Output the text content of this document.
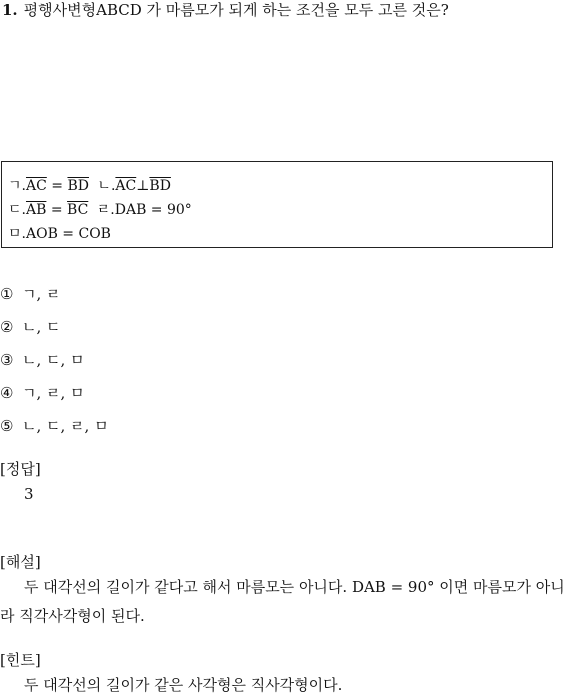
1. 평행사변형ABCD 가 마름모가 되게 하는 조건을 모두 고른 것은?
ㄱ$.\overline{AC} = \overline{BD}$ ㄴ$.\overline{AC}\perp\overline{BD}$
ㄷ$.\overline{AB} = \overline{BC}$ ㄹ.DAB = 90°
ㅁ.AOB = COB
① ㄱ, ㄹ
② ㄴ, ㄷ
③ ㄴ, ㄷ, ㅁ
④ ㄱ, ㄹ, ㅁ
⑤ ㄴ, ㄷ, ㄹ, ㅁ
[정답]
3
[해설]
두 대각선의 길이가 같다고 해서 마름모는 아니다. DAB = 90° 이면 마름모가 아니라 직각사각형이 된다.
[힌트]
두 대각선의 길이가 같은 사각형은 직사각형이다.
